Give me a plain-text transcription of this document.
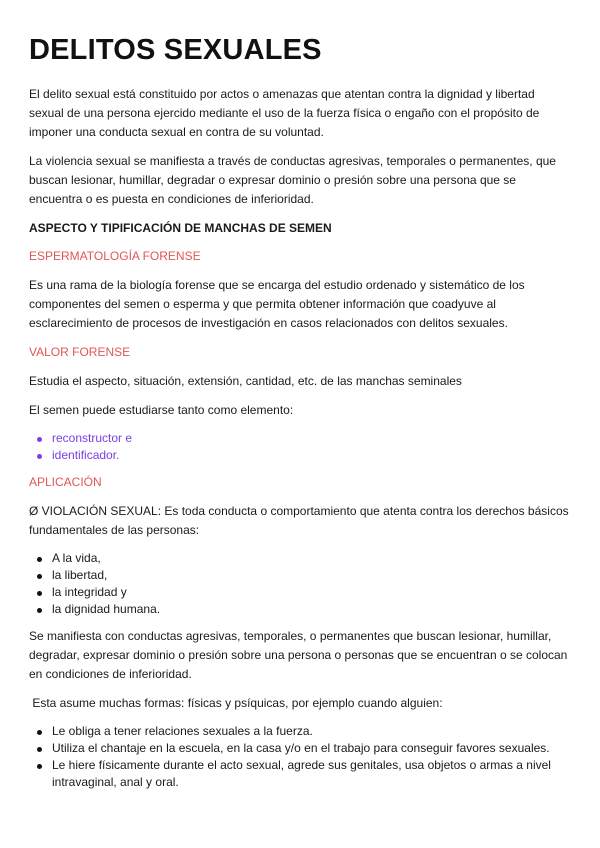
DELITOS SEXUALES

El delito sexual está constituido por actos o amenazas que atentan contra la dignidad y libertad sexual de una persona ejercido mediante el uso de la fuerza física o engaño con el propósito de imponer una conducta sexual en contra de su voluntad.

La violencia sexual se manifiesta a través de conductas agresivas, temporales o permanentes, que buscan lesionar, humillar, degradar o expresar dominio o presión sobre una persona que se encuentra o es puesta en condiciones de inferioridad.

ASPECTO Y TIPIFICACIÓN DE MANCHAS DE SEMEN
ESPERMATOLOGÍA FORENSE

Es una rama de la biología forense que se encarga del estudio ordenado y sistemático de los componentes del semen o esperma y que permita obtener información que coadyuve al esclarecimiento de procesos de investigación en casos relacionados con delitos sexuales.

VALOR FORENSE

Estudia el aspecto, situación, extensión, cantidad, etc. de las manchas seminales

El semen puede estudiarse tanto como elemento:

reconstructor e
identificador.
APLICACIÓN

Ø VIOLACIÓN SEXUAL: Es toda conducta o comportamiento que atenta contra los derechos básicos fundamentales de las personas:

A la vida,
la libertad,
la integridad y
la dignidad humana.

Se manifiesta con conductas agresivas, temporales, o permanentes que buscan lesionar, humillar, degradar, expresar dominio o presión sobre una persona o personas que se encuentran o se colocan en condiciones de inferioridad.

Esta asume muchas formas: físicas y psíquicas, por ejemplo cuando alguien:

Le obliga a tener relaciones sexuales a la fuerza.
Utiliza el chantaje en la escuela, en la casa y/o en el trabajo para conseguir favores sexuales.
Le hiere físicamente durante el acto sexual, agrede sus genitales, usa objetos o armas a nivel intravaginal, anal y oral.
